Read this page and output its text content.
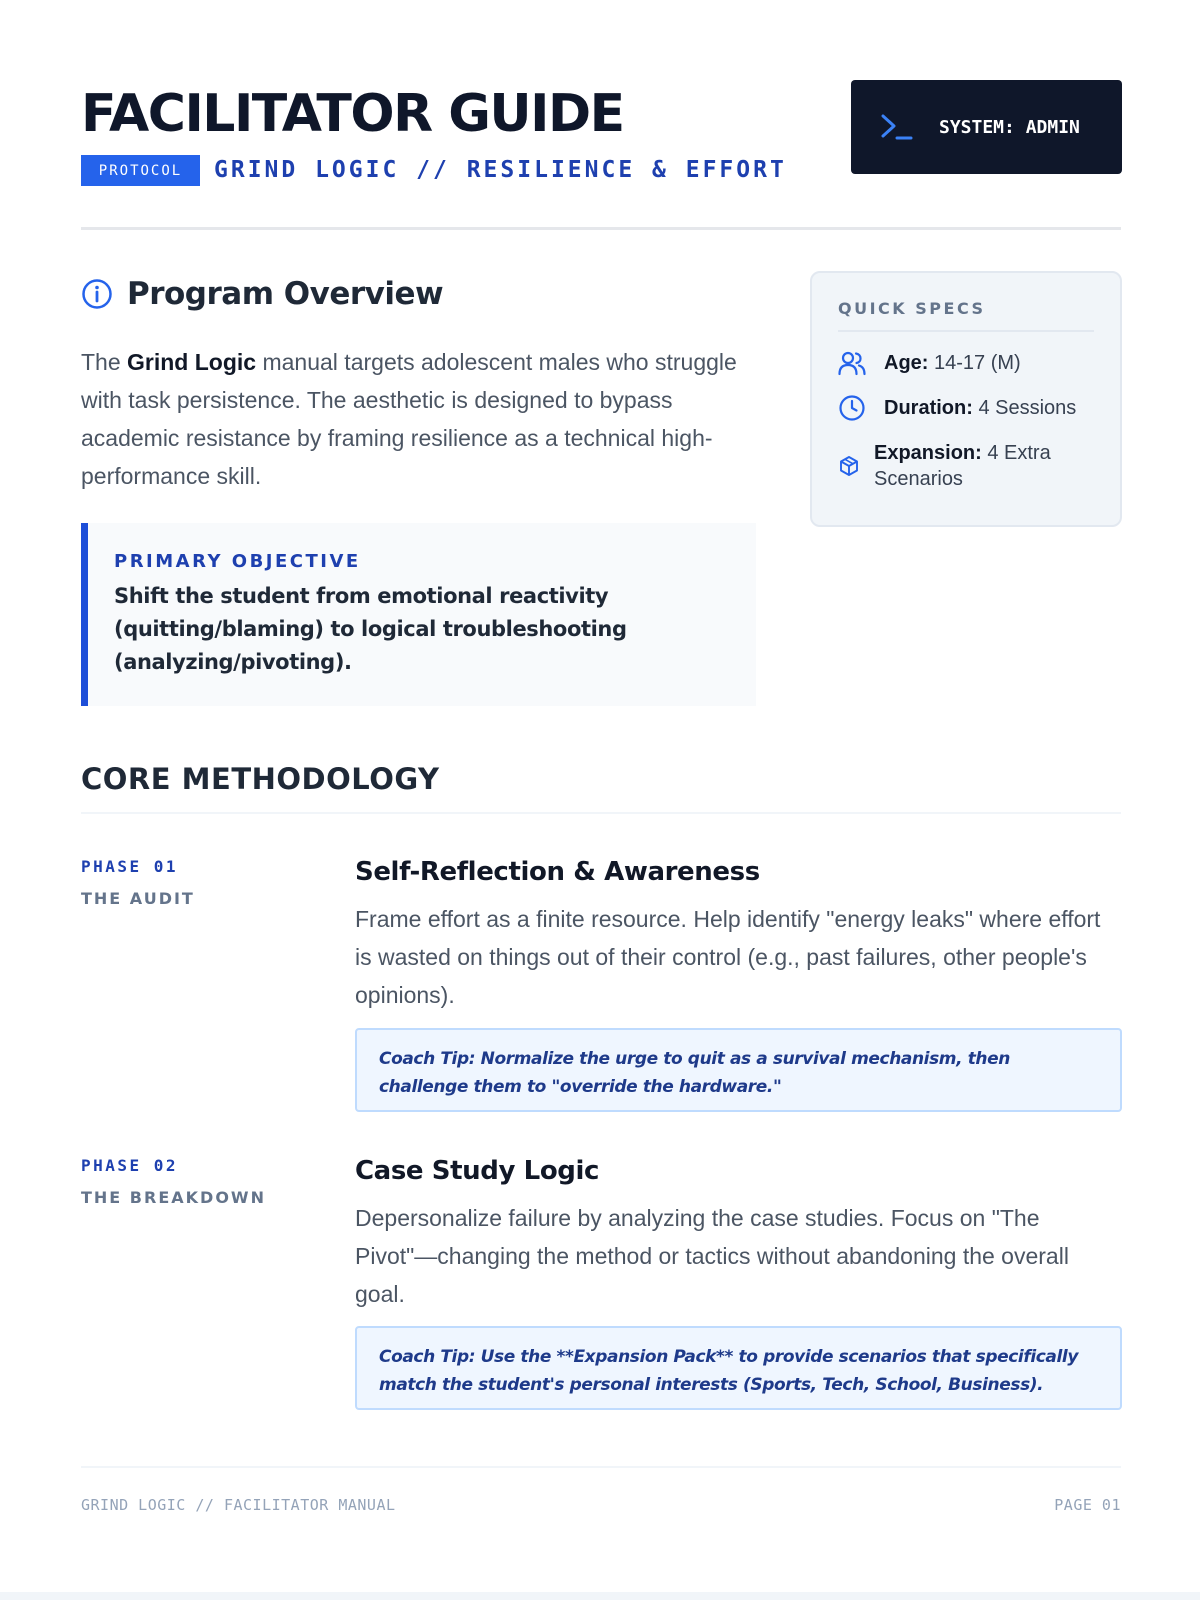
FACILITATOR GUIDE
PROTOCOL	GRIND LOGIC // RESILIENCE & EFFORT
SYSTEM: ADMIN
Program Overview

The Grind Logic manual targets adolescent males who struggle with task persistence. The aesthetic is designed to bypass academic resistance by framing resilience as a technical high-performance skill.

PRIMARY OBJECTIVE
Shift the student from emotional reactivity (quitting/blaming) to logical troubleshooting (analyzing/pivoting).
QUICK SPECS
Age: 14-17 (M)
Duration: 4 Sessions
Expansion: 4 Extra Scenarios
CORE METHODOLOGY
PHASE 01
THE AUDIT
Self-Reflection & Awareness

Frame effort as a finite resource. Help identify "energy leaks" where effort is wasted on things out of their control (e.g., past failures, other people's opinions).

Coach Tip: Normalize the urge to quit as a survival mechanism, then challenge them to "override the hardware."
PHASE 02
THE BREAKDOWN
Case Study Logic

Depersonalize failure by analyzing the case studies. Focus on "The Pivot"—changing the method or tactics without abandoning the overall goal.

Coach Tip: Use the **Expansion Pack** to provide scenarios that specifically match the student's personal interests (Sports, Tech, School, Business).
GRIND LOGIC // FACILITATOR MANUAL	PAGE 01
